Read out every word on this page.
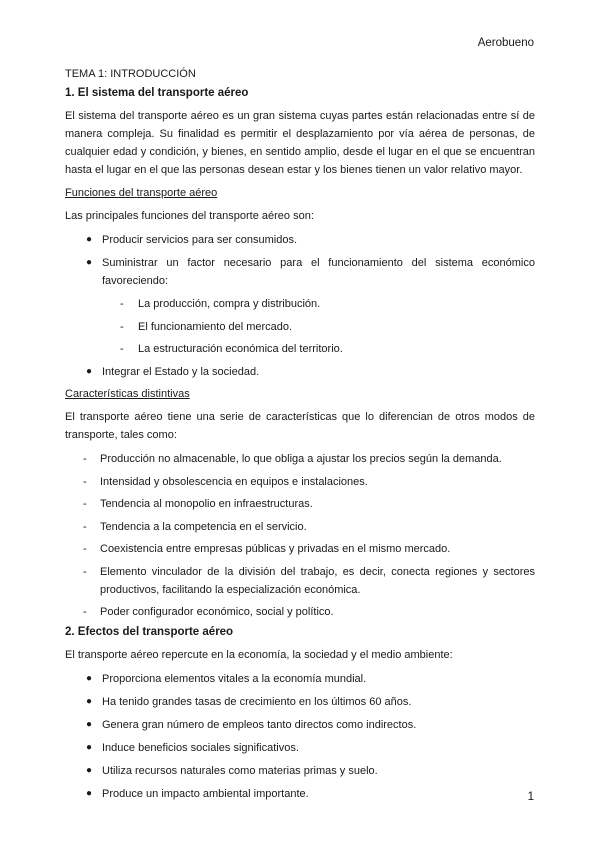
Aerobueno

TEMA 1: INTRODUCCIÓN

1. El sistema del transporte aéreo

El sistema del transporte aéreo es un gran sistema cuyas partes están relacionadas entre sí de manera compleja. Su finalidad es permitir el desplazamiento por vía aérea de personas, de cualquier edad y condición, y bienes, en sentido amplio, desde el lugar en el que se encuentran hasta el lugar en el que las personas desean estar y los bienes tienen un valor relativo mayor.

Funciones del transporte aéreo

Las principales funciones del transporte aéreo son:

● Producir servicios para ser consumidos.
● Suministrar un factor necesario para el funcionamiento del sistema económico favoreciendo:
- La producción, compra y distribución.
- El funcionamiento del mercado.
- La estructuración económica del territorio.
● Integrar el Estado y la sociedad.

Características distintivas

El transporte aéreo tiene una serie de características que lo diferencian de otros modos de transporte, tales como:

- Producción no almacenable, lo que obliga a ajustar los precios según la demanda.
- Intensidad y obsolescencia en equipos e instalaciones.
- Tendencia al monopolio en infraestructuras.
- Tendencia a la competencia en el servicio.
- Coexistencia entre empresas públicas y privadas en el mismo mercado.
- Elemento vinculador de la división del trabajo, es decir, conecta regiones y sectores productivos, facilitando la especialización económica.
- Poder configurador económico, social y político.

2. Efectos del transporte aéreo

El transporte aéreo repercute en la economía, la sociedad y el medio ambiente:

● Proporciona elementos vitales a la economía mundial.
● Ha tenido grandes tasas de crecimiento en los últimos 60 años.
● Genera gran número de empleos tanto directos como indirectos.
● Induce beneficios sociales significativos.
● Utiliza recursos naturales como materias primas y suelo.
● Produce un impacto ambiental importante.	1
